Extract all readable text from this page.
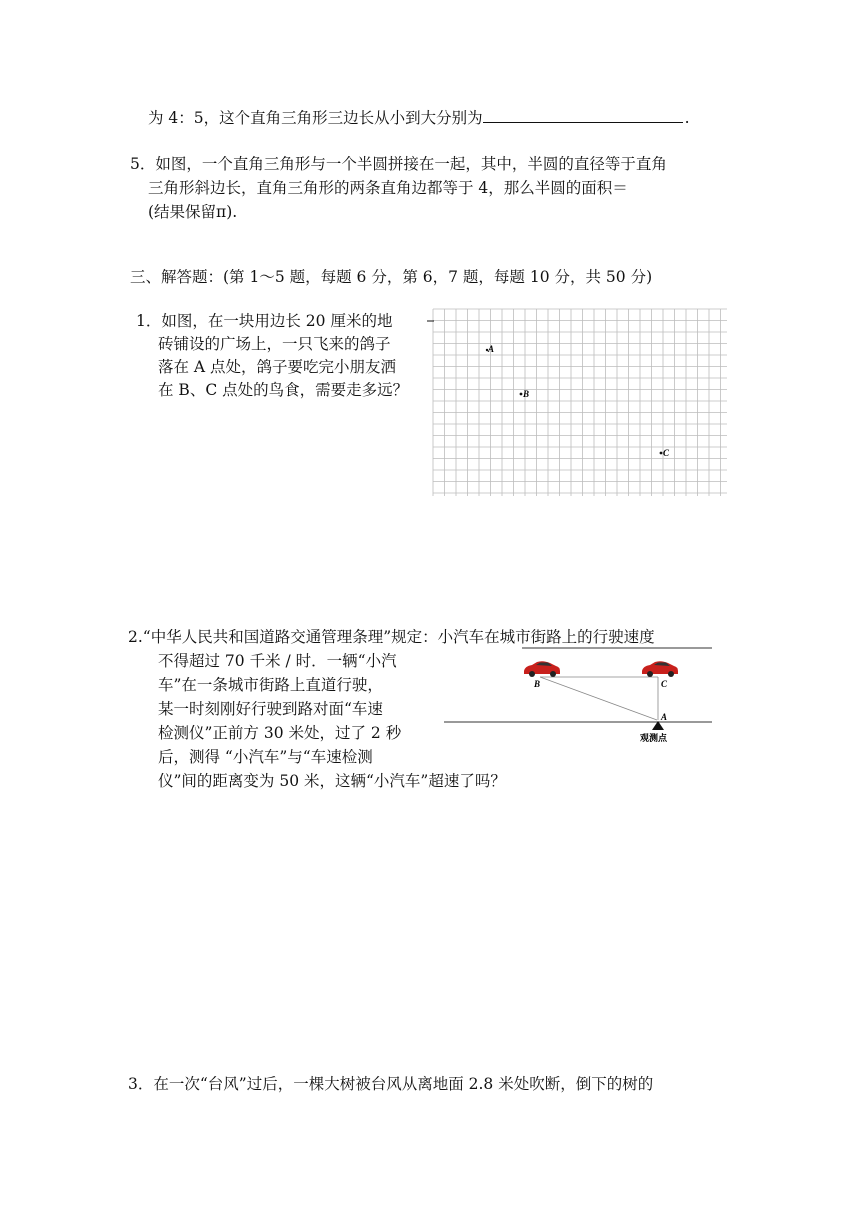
为 4：5，这个直角三角形三边长从小到大分别为	.
5．如图，一个直角三角形与一个半圆拼接在一起，其中，半圆的直径等于直角
三角形斜边长，直角三角形的两条直角边都等于 4，那么半圆的面积＝
(结果保留π).
三、解答题：(第 1～5 题，每题 6 分，第 6，7 题，每题 10 分，共 50 分)
1．如图，在一块用边长 20 厘米的地
砖铺设的广场上，一只飞来的鸽子
落在 A 点处，鸽子要吃完小朋友洒
在 B、C 点处的鸟食，需要走多远？
A
B
C
2.“中华人民共和国道路交通管理条理”规定：小汽车在城市街路上的行驶速度
不得超过 70 千米 / 时．一辆“小汽
车”在一条城市街路上直道行驶，
某一时刻刚好行驶到路对面“车速
检测仪”正前方 30 米处，过了 2 秒
后，测得 “小汽车”与“车速检测
仪”间的距离变为 50 米，这辆“小汽车”超速了吗？
B	C
A
观测点
3．在一次“台风”过后，一棵大树被台风从离地面 2.8 米处吹断，倒下的树的
